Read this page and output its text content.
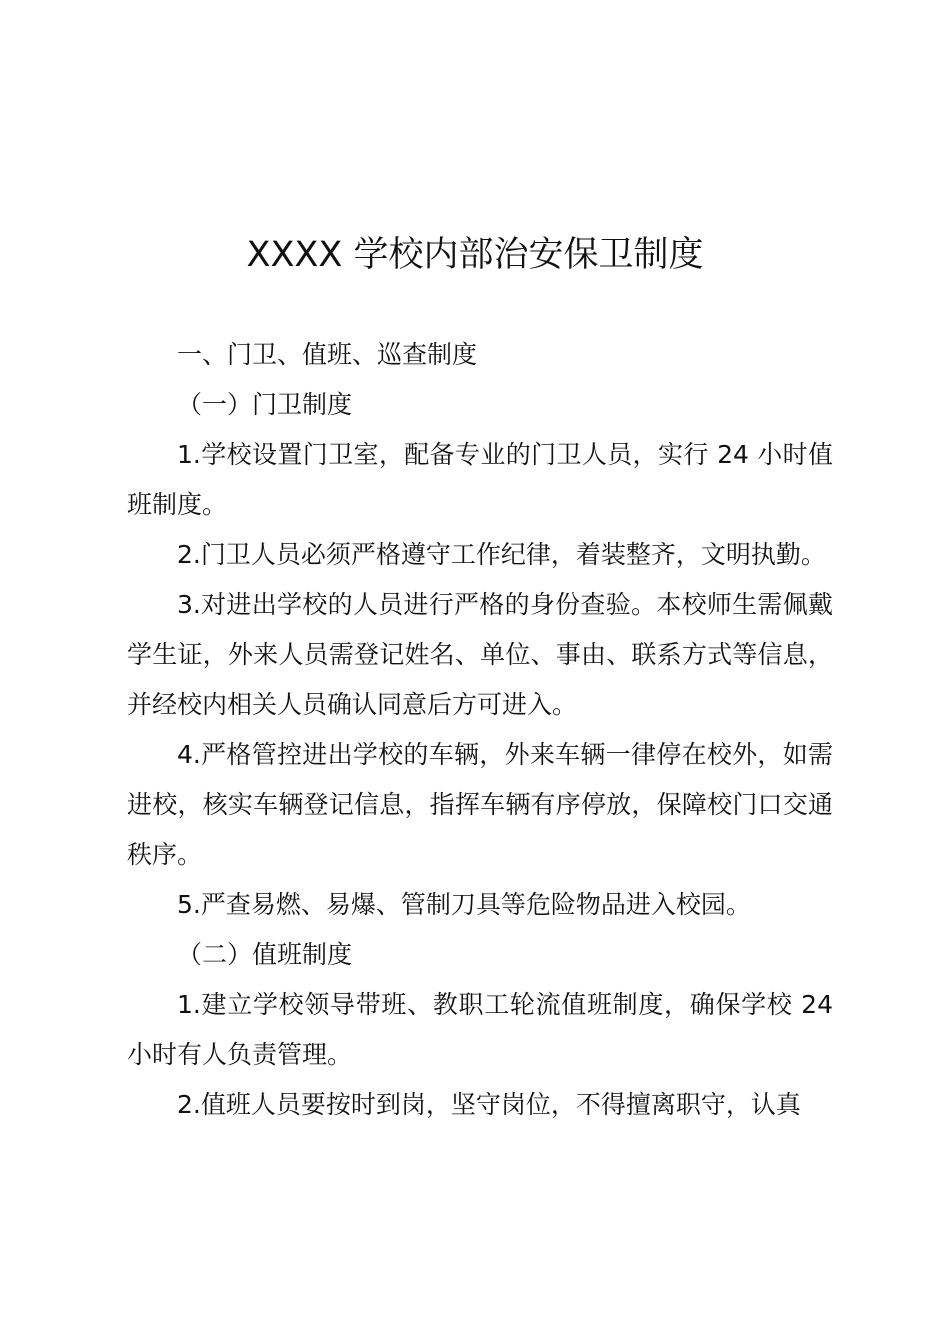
XXXX 学校内部治安保卫制度

一、门卫、值班、巡查制度

（一）门卫制度

1.学校设置门卫室，配备专业的门卫人员，实行 24 小时值班制度。

2.门卫人员必须严格遵守工作纪律，着装整齐，文明执勤。

3.对进出学校的人员进行严格的身份查验。本校师生需佩戴学生证，外来人员需登记姓名、单位、事由、联系方式等信息，并经校内相关人员确认同意后方可进入。

4.严格管控进出学校的车辆，外来车辆一律停在校外，如需进校，核实车辆登记信息，指挥车辆有序停放，保障校门口交通秩序。

5.严查易燃、易爆、管制刀具等危险物品进入校园。

（二）值班制度

1.建立学校领导带班、教职工轮流值班制度，确保学校 24 小时有人负责管理。

2.值班人员要按时到岗，坚守岗位，不得擅离职守，认真
